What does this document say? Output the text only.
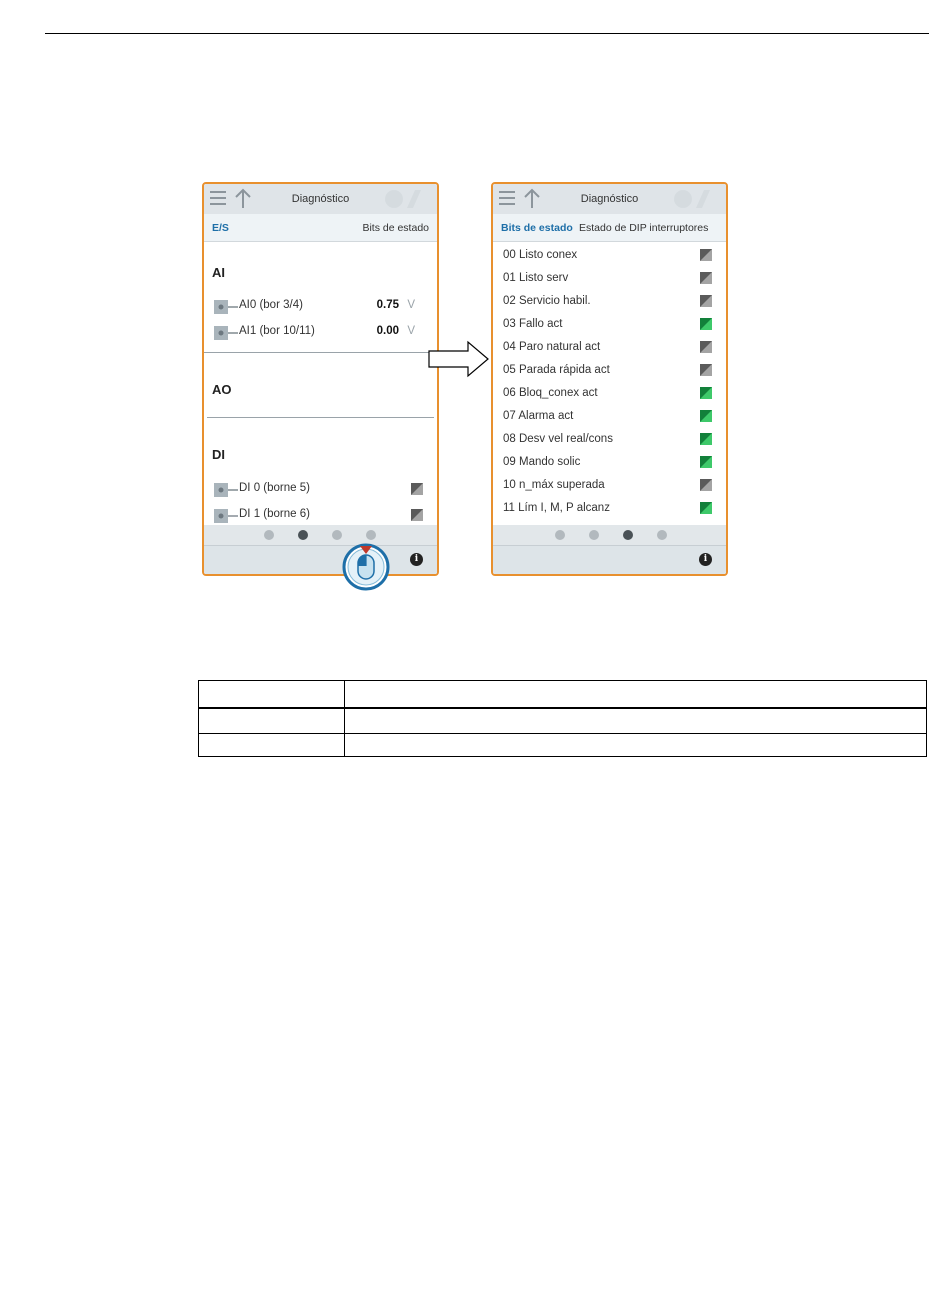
Diagnóstico
E/S	Bits de estado
AI
AI0 (bor 3/4)	0.75 V
AI1 (bor 10/11)	0.00 V
AO
DI
DI 0 (borne 5)
DI 1 (borne 6)
i
Diagnóstico
Bits de estado Estado de DIP interruptores
00 Listo conex
01 Listo serv
02 Servicio habil.
03 Fallo act
04 Paro natural act
05 Parada rápida act
06 Bloq_conex act
07 Alarma act
08 Desv vel real/cons
09 Mando solic
10 n_máx superada
11 Lím I, M, P alcanz
i
